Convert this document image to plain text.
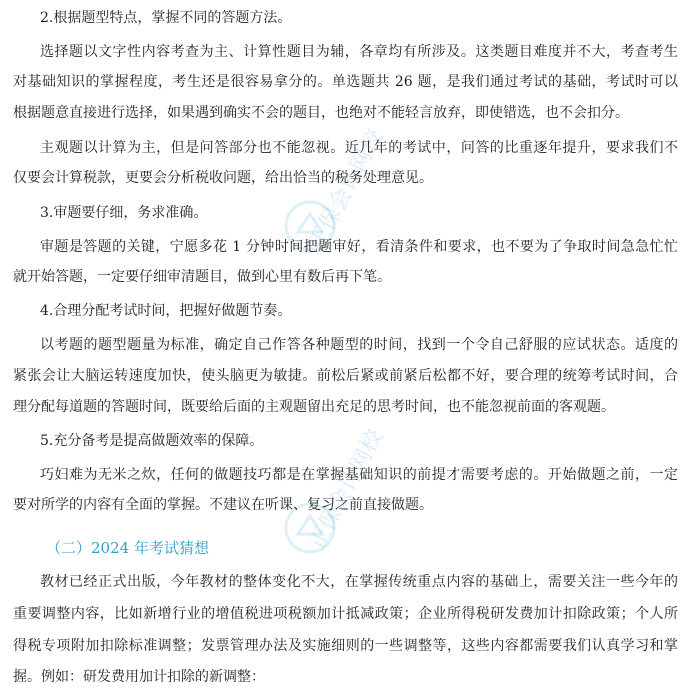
正保会计网校
正保会计网校
2.根据题型特点，掌握不同的答题方法。
选择题以文字性内容考查为主、计算性题目为辅，各章均有所涉及。这类题目难度并不大，考查考生
对基础知识的掌握程度，考生还是很容易拿分的。单选题共 26 题，是我们通过考试的基础，考试时可以
根据题意直接进行选择，如果遇到确实不会的题目，也绝对不能轻言放弃，即使错选，也不会扣分。
主观题以计算为主，但是问答部分也不能忽视。近几年的考试中，问答的比重逐年提升，要求我们不
仅要会计算税款，更要会分析税收问题，给出恰当的税务处理意见。
3.审题要仔细，务求准确。
审题是答题的关键，宁愿多花 1 分钟时间把题审好，看清条件和要求，也不要为了争取时间急急忙忙
就开始答题，一定要仔细审清题目，做到心里有数后再下笔。
4.合理分配考试时间，把握好做题节奏。
以考题的题型题量为标准，确定自己作答各种题型的时间，找到一个令自己舒服的应试状态。适度的
紧张会让大脑运转速度加快，使头脑更为敏捷。前松后紧或前紧后松都不好，要合理的统筹考试时间，合
理分配每道题的答题时间，既要给后面的主观题留出充足的思考时间，也不能忽视前面的客观题。
5.充分备考是提高做题效率的保障。
巧妇难为无米之炊，任何的做题技巧都是在掌握基础知识的前提才需要考虑的。开始做题之前，一定
要对所学的内容有全面的掌握。不建议在听课、复习之前直接做题。
（二）2024 年考试猜想
教材已经正式出版，今年教材的整体变化不大，在掌握传统重点内容的基础上，需要关注一些今年的
重要调整内容，比如新增行业的增值税进项税额加计抵减政策；企业所得税研发费加计扣除政策；个人所
得税专项附加扣除标准调整；发票管理办法及实施细则的一些调整等，这些内容都需要我们认真学习和掌
握。例如：研发费用加计扣除的新调整：
